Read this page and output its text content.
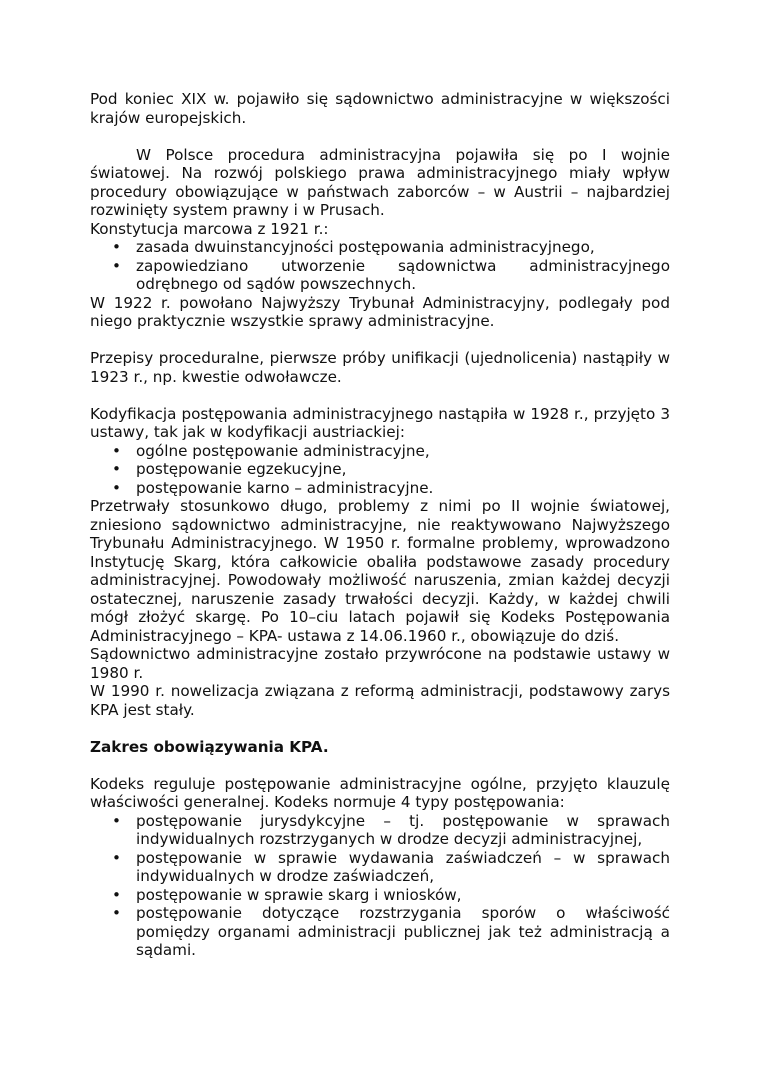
Pod koniec XIX w. pojawiło się sądownictwo administracyjne w większości krajów europejskich.

W Polsce procedura administracyjna pojawiła się po I wojnie światowej. Na rozwój polskiego prawa administracyjnego miały wpływ procedury obowiązujące w państwach zaborców – w Austrii – najbardziej rozwinięty system prawny i w Prusach.

Konstytucja marcowa z 1921 r.:

• zasada dwuinstancyjności postępowania administracyjnego,
• zapowiedziano utworzenie sądownictwa administracyjnego odrębnego od sądów powszechnych.

W 1922 r. powołano Najwyższy Trybunał Administracyjny, podlegały pod niego praktycznie wszystkie sprawy administracyjne.

Przepisy proceduralne, pierwsze próby unifikacji (ujednolicenia) nastąpiły w 1923 r., np. kwestie odwoławcze.

Kodyfikacja postępowania administracyjnego nastąpiła w 1928 r., przyjęto 3 ustawy, tak jak w kodyfikacji austriackiej:

• ogólne postępowanie administracyjne,
• postępowanie egzekucyjne,
• postępowanie karno – administracyjne.

Przetrwały stosunkowo długo, problemy z nimi po II wojnie światowej, zniesiono sądownictwo administracyjne, nie reaktywowano Najwyższego Trybunału Administracyjnego. W 1950 r. formalne problemy, wprowadzono Instytucję Skarg, która całkowicie obaliła podstawowe zasady procedury administracyjnej. Powodowały możliwość naruszenia, zmian każdej decyzji ostatecznej, naruszenie zasady trwałości decyzji. Każdy, w każdej chwili mógł złożyć skargę. Po 10–ciu latach pojawił się Kodeks Postępowania Administracyjnego – KPA- ustawa z 14.06.1960 r., obowiązuje do dziś.

Sądownictwo administracyjne zostało przywrócone na podstawie ustawy w 1980 r.

W 1990 r. nowelizacja związana z reformą administracji, podstawowy zarys KPA jest stały.

Zakres obowiązywania KPA.

Kodeks reguluje postępowanie administracyjne ogólne, przyjęto klauzulę właściwości generalnej. Kodeks normuje 4 typy postępowania:

• postępowanie jurysdykcyjne – tj. postępowanie w sprawach indywidualnych rozstrzyganych w drodze decyzji administracyjnej,
• postępowanie w sprawie wydawania zaświadczeń – w sprawach indywidualnych w drodze zaświadczeń,
• postępowanie w sprawie skarg i wniosków,
• postępowanie dotyczące rozstrzygania sporów o właściwość pomiędzy organami administracji publicznej jak też administracją a sądami.
